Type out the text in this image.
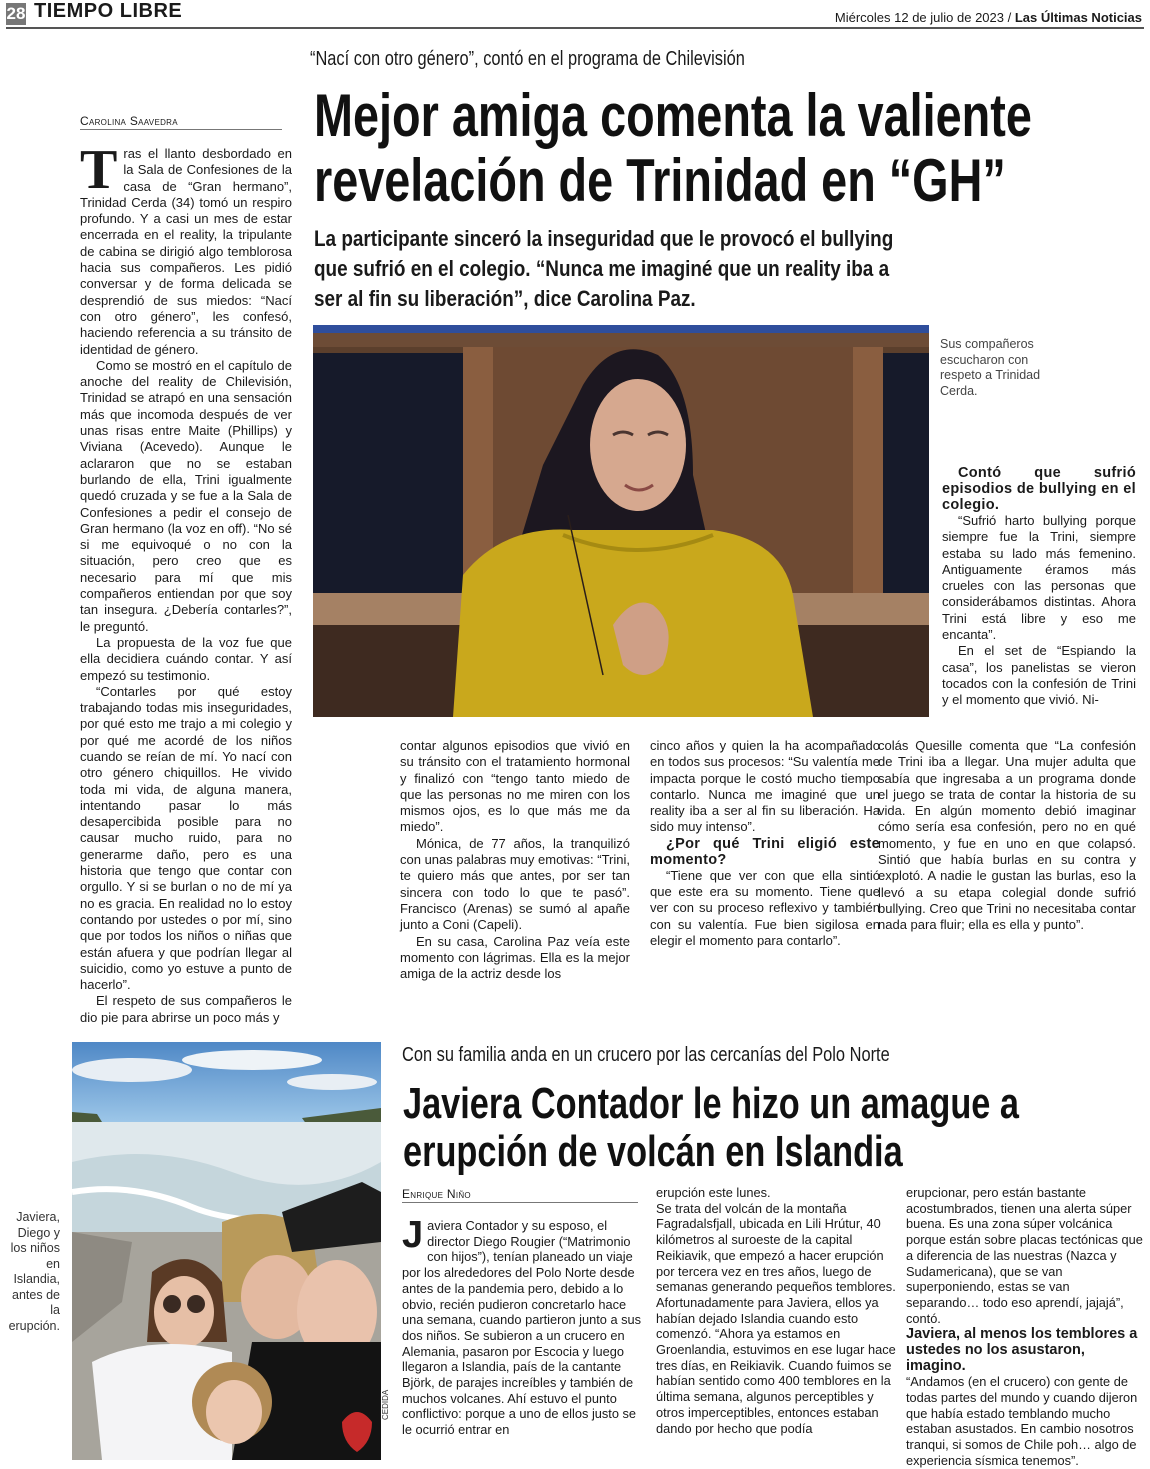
28 TIEMPO LIBRE	Miércoles 12 de julio de 2023 / Las Últimas Noticias
“Nací con otro género”, contó en el programa de Chilevisión
Mejor amiga comenta la valiente
revelación de Trinidad en “GH”
La participante sinceró la inseguridad que le provocó el bullying
que sufrió en el colegio. “Nunca me imaginé que un reality iba a
ser al fin su liberación”, dice Carolina Paz.
Carolina Saavedra

Tras el llanto desbordado en la Sala de Confesiones de la casa de “Gran hermano”, Trinidad Cerda (34) tomó un respiro profundo. Y a casi un mes de estar encerrada en el reality, la tripulante de cabina se dirigió algo temblorosa hacia sus compañeros. Les pidió conversar y de forma delicada se desprendió de sus miedos: “Nací con otro género”, les confesó, haciendo referencia a su tránsito de identidad de género.

Como se mostró en el capítulo de anoche del reality de Chilevisión, Trinidad se atrapó en una sensación más que incomoda después de ver unas risas entre Maite (Phillips) y Viviana (Acevedo). Aunque le aclararon que no se estaban burlando de ella, Trini igualmente quedó cruzada y se fue a la Sala de Confesiones a pedir el consejo de Gran hermano (la voz en off). “No sé si me equivoqué o no con la situación, pero creo que es necesario para mí que mis compañeros entiendan por que soy tan insegura. ¿Debería contarles?”, le preguntó.

La propuesta de la voz fue que ella decidiera cuándo contar. Y así empezó su testimonio.

“Contarles por qué estoy trabajando todas mis inseguridades, por qué esto me trajo a mi colegio y por qué me acordé de los niños cuando se reían de mí. Yo nací con otro género chiquillos. He vivido toda mi vida, de alguna manera, intentando pasar lo más desapercibida posible para no causar mucho ruido, para no generarme daño, pero es una historia que tengo que contar con orgullo. Y si se burlan o no de mí ya no es gracia. En realidad no lo estoy contando por ustedes o por mí, sino que por todos los niños o niñas que están afuera y que podrían llegar al suicidio, como yo estuve a punto de hacerlo”.

El respeto de sus compañeros le dio pie para abrirse un poco más y

Sus compañeros escucharon con respeto a Trinidad Cerda.
Contó que sufrió episodios de bullying en el colegio.

“Sufrió harto bullying porque siempre fue la Trini, siempre estaba su lado más femenino. Antiguamente éramos más crueles con las personas que considerábamos distintas. Ahora Trini está libre y eso me encanta”.

En el set de “Espiando la casa”, los panelistas se vieron tocados con la confesión de Trini y el momento que vivió. Ni-

contar algunos episodios que vivió en su tránsito con el tratamiento hormonal y finalizó con “tengo tanto miedo de que las personas no me miren con los mismos ojos, es lo que más me da miedo”.

Mónica, de 77 años, la tranquilizó con unas palabras muy emotivas: “Trini, te quiero más que antes, por ser tan sincera con todo lo que te pasó”. Francisco (Arenas) se sumó al apañe junto a Coni (Capeli).

En su casa, Carolina Paz veía este momento con lágrimas. Ella es la mejor amiga de la actriz desde los

cinco años y quien la ha acompañado en todos sus procesos: “Su valentía me impacta porque le costó mucho tiempo contarlo. Nunca me imaginé que un reality iba a ser al fin su liberación. Ha sido muy intenso”.

¿Por qué Trini eligió este momento?

“Tiene que ver con que ella sintió que este era su momento. Tiene que ver con su proceso reflexivo y también con su valentía. Fue bien sigilosa en elegir el momento para contarlo”.

colás Quesille comenta que “La confesión de Trini iba a llegar. Una mujer adulta que sabía que ingresaba a un programa donde el juego se trata de contar la historia de su vida. En algún momento debió imaginar cómo sería esa confesión, pero no en qué momento, y fue en uno en que colapsó. Sintió que había burlas en su contra y explotó. A nadie le gustan las burlas, eso la llevó a su etapa colegial donde sufrió bullying. Creo que Trini no necesitaba contar nada para fluir; ella es ella y punto”.

CEDIDA
Javiera, Diego y los niños en Islandia, antes de la erupción.
Con su familia anda en un crucero por las cercanías del Polo Norte
Javiera Contador le hizo un amague a
erupción de volcán en Islandia
Enrique Niño

Javiera Contador y su esposo, el director Diego Rougier (“Matrimonio con hijos”), tenían planeado un viaje por los alrededores del Polo Norte desde antes de la pandemia pero, debido a lo obvio, recién pudieron concretarlo hace una semana, cuando partieron junto a sus dos niños. Se subieron a un crucero en Alemania, pasaron por Escocia y luego llegaron a Islandia, país de la cantante Björk, de parajes increíbles y también de muchos volcanes. Ahí estuvo el punto conflictivo: porque a uno de ellos justo se le ocurrió entrar en

erupción este lunes.

Se trata del volcán de la montaña Fagradalsfjall, ubicada en Lili Hrútur, 40 kilómetros al suroeste de la capital Reikiavik, que empezó a hacer erupción por tercera vez en tres años, luego de semanas generando pequeños temblores.

Afortunadamente para Javiera, ellos ya habían dejado Islandia cuando esto comenzó. “Ahora ya estamos en Groenlandia, estuvimos en ese lugar hace tres días, en Reikiavik. Cuando fuimos se habían sentido como 400 temblores en la última semana, algunos perceptibles y otros imperceptibles, entonces estaban dando por hecho que podía

erupcionar, pero están bastante acostumbrados, tienen una alerta súper buena. Es una zona súper volcánica porque están sobre placas tectónicas que a diferencia de las nuestras (Nazca y Sudamericana), que se van superponiendo, estas se van separando… todo eso aprendí, jajajá”, contó.

Javiera, al menos los temblores a ustedes no los asustaron, imagino.

“Andamos (en el crucero) con gente de todas partes del mundo y cuando dijeron que había estado temblando mucho estaban asustados. En cambio nosotros tranqui, si somos de Chile poh… algo de experiencia sísmica tenemos”.
